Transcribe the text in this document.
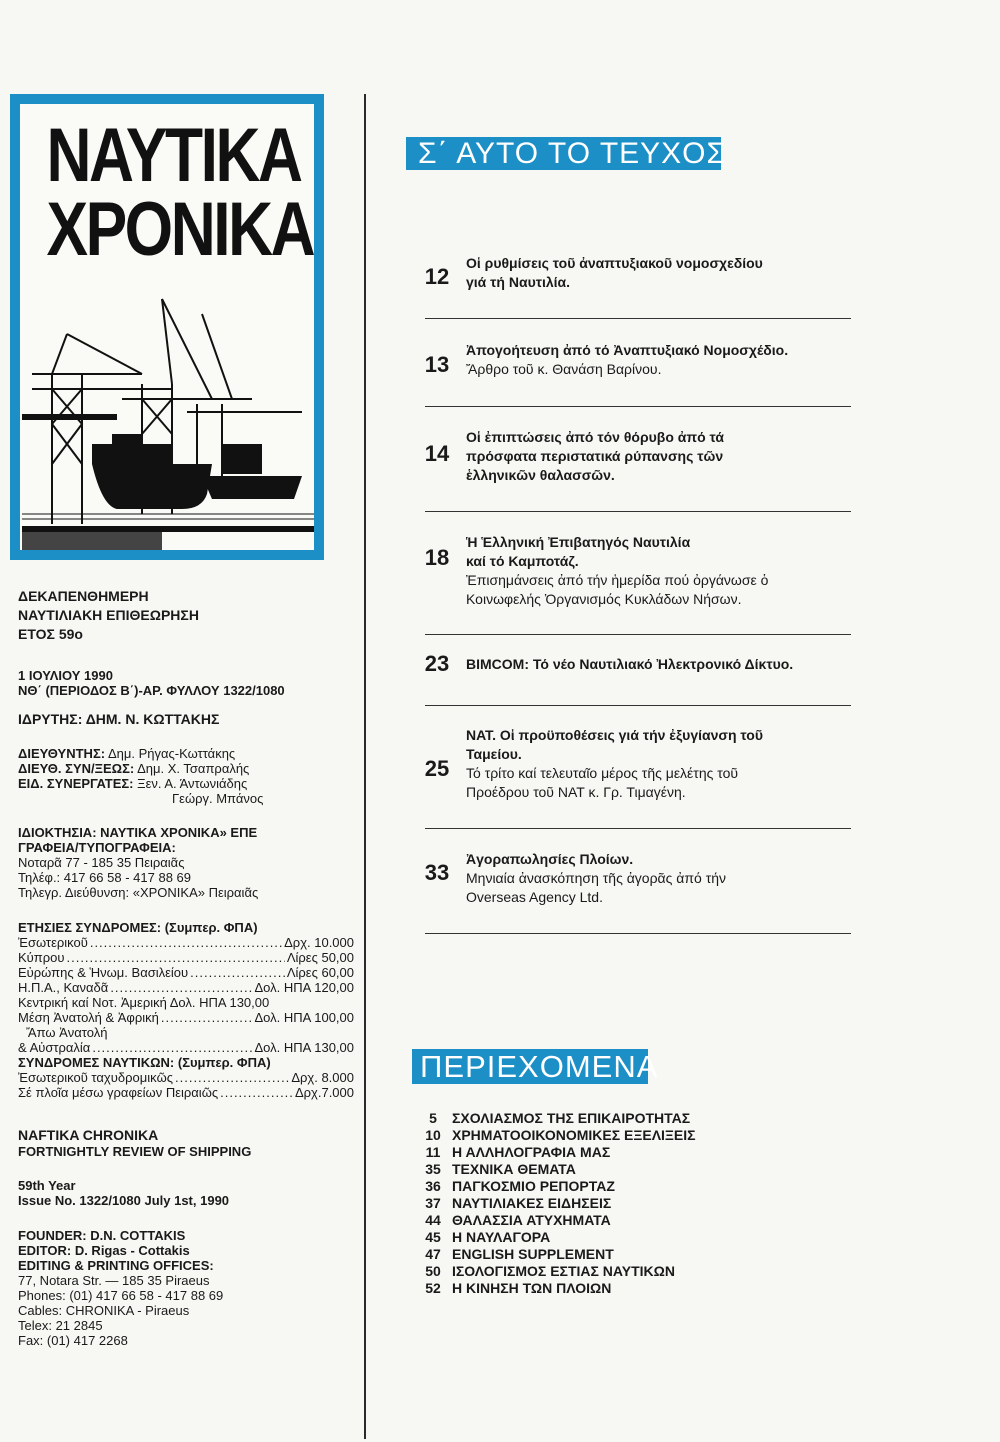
ΝΑΥΤΙΚΑ
ΧΡΟΝΙΚΑ
ΔΕΚΑΠΕΝΘΗΜΕΡΗ
ΝΑΥΤΙΛΙΑΚΗ ΕΠΙΘΕΩΡΗΣΗ
ΕΤΟΣ 59ο
1 ΙΟΥΛΙΟΥ 1990
ΝΘ΄ (ΠΕΡΙΟΔΟΣ Β΄)-ΑΡ. ΦΥΛΛΟΥ 1322/1080
ΙΔΡΥΤΗΣ: ΔΗΜ. Ν. ΚΩΤΤΑΚΗΣ
ΔΙΕΥΘΥΝΤΗΣ: Δημ. Ρήγας-Κωττάκης
ΔΙΕΥΘ. ΣΥΝ/ΞΕΩΣ: Δημ. Χ. Τσαπραλής
ΕΙΔ. ΣΥΝΕΡΓΑΤΕΣ: Ξεν. Α. Άντωνιάδης
Γεώργ. Μπάνος
ΙΔΙΟΚΤΗΣΙΑ: ΝΑΥΤΙΚΑ ΧΡΟΝΙΚΑ» ΕΠΕ
ΓΡΑΦΕΙΑ/ΤΥΠΟΓΡΑΦΕΙΑ:
Νοταρᾶ 77 - 185 35 Πειραιᾶς
Τηλέφ.: 417 66 58 - 417 88 69
Τηλεγρ. Διεύθυνση: «ΧΡΟΝΙΚΑ» Πειραιᾶς
ΕΤΗΣΙΕΣ ΣΥΝΔΡΟΜΕΣ: (Συμπερ. ΦΠΑ)
Ἐσωτερικοῦ .....	Δρχ. 10.000
Κύπρου .....	Λίρες 50,00
Εὐρώπης & Ἡνωμ. Βασιλείου .....	Λίρες 60,00
Η.Π.Α., Καναδᾶ .....	Δολ. ΗΠΑ 120,00
Κεντρική καί Νοτ. Ἀμερική Δολ. ΗΠΑ 130,00
Μέση Ἀνατολή & Ἀφρική .....	Δολ. ΗΠΑ 100,00
Ἄπω Ἀνατολή
& Αὐστραλία .....	Δολ. ΗΠΑ 130,00
ΣΥΝΔΡΟΜΕΣ ΝΑΥΤΙΚΩΝ: (Συμπερ. ΦΠΑ)
Ἐσωτερικοῦ ταχυδρομικῶς .....	Δρχ. 8.000
Σέ πλοῖα μέσω γραφείων Πειραιῶς .....	Δρχ.7.000
NAFTIKA CHRONIKA
FORTNIGHTLY REVIEW OF SHIPPING
59th Year
Issue No. 1322/1080 July 1st, 1990
FOUNDER: D.N. COTTAKIS
EDITOR: D. Rigas - Cottakis
EDITING & PRINTING OFFICES:
77, Notara Str. — 185 35 Piraeus
Phones: (01) 417 66 58 - 417 88 69
Cables: CHRONIKA - Piraeus
Telex: 21 2845
Fax: (01) 417 2268
Σ΄ ΑΥΤΟ ΤΟ ΤΕΥΧΟΣ
12
Οἱ ρυθμίσεις τοῦ ἀναπτυξιακοῦ νομοσχεδίου
γιά τή Ναυτιλία.
13
Ἀπογοήτευση ἀπό τό Ἀναπτυξιακό Νομοσχέδιο.
Ἄρθρο τοῦ κ. Θανάση Βαρίνου.
14
Οἱ ἐπιπτώσεις ἀπό τόν θόρυβο ἀπό τά
πρόσφατα περιστατικά ρύπανσης τῶν
ἑλληνικῶν θαλασσῶν.
18
Ἡ Ἑλληνική Ἐπιβατηγός Ναυτιλία
καί τό Καμποτάζ.
Ἐπισημάνσεις ἀπό τήν ἡμερίδα πού ὀργάνωσε ὁ
Κοινωφελής Ὀργανισμός Κυκλάδων Νήσων.
23	BIMCOM: Τό νέο Ναυτιλιακό Ἠλεκτρονικό Δίκτυο.
25
ΝΑΤ. Οἱ προϋποθέσεις γιά τήν ἐξυγίανση τοῦ
Ταμείου.
Τό τρίτο καί τελευταῖο μέρος τῆς μελέτης τοῦ
Προέδρου τοῦ ΝΑΤ κ. Γρ. Τιμαγένη.
33
Ἀγοραπωλησίες Πλοίων.
Μηνιαία ἀνασκόπηση τῆς ἀγορᾶς ἀπό τήν
Overseas Agency Ltd.
ΠΕΡΙΕΧΟΜΕΝΑ
5	ΣΧΟΛΙΑΣΜΟΣ ΤΗΣ ΕΠΙΚΑΙΡΟΤΗΤΑΣ
10 ΧΡΗΜΑΤΟΟΙΚΟΝΟΜΙΚΕΣ ΕΞΕΛΙΞΕΙΣ
11 Η ΑΛΛΗΛΟΓΡΑΦΙΑ ΜΑΣ
35 ΤΕΧΝΙΚΑ ΘΕΜΑΤΑ
36 ΠΑΓΚΟΣΜΙΟ ΡΕΠΟΡΤΑΖ
37 ΝΑΥΤΙΛΙΑΚΕΣ ΕΙΔΗΣΕΙΣ
44 ΘΑΛΑΣΣΙΑ ΑΤΥΧΗΜΑΤΑ
45 Η ΝΑΥΛΑΓΟΡΑ
47 ENGLISH SUPPLEMENT
50 ΙΣΟΛΟΓΙΣΜΟΣ ΕΣΤΙΑΣ ΝΑΥΤΙΚΩΝ
52 Η ΚΙΝΗΣΗ ΤΩΝ ΠΛΟΙΩΝ
